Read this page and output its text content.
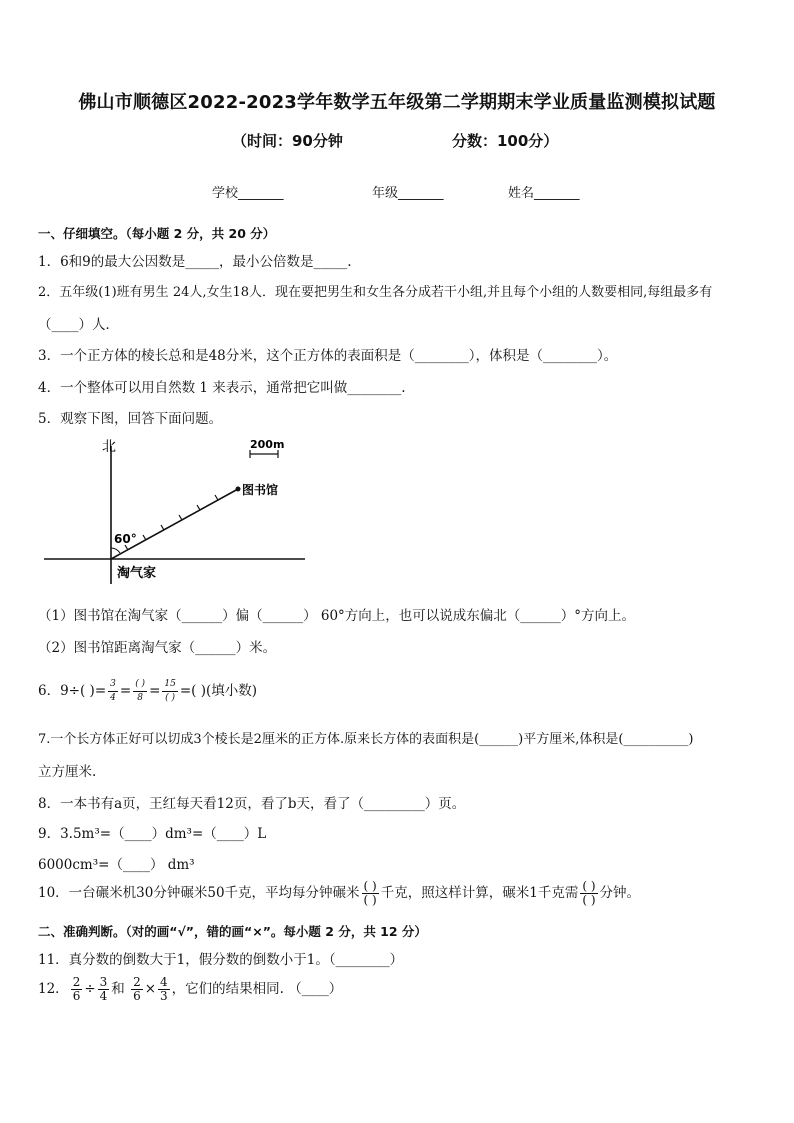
佛山市顺德区2022-2023学年数学五年级第二学期期末学业质量监测模拟试题
（时间：90分钟	分数：100分）
学校_______	年级_______	姓名_______
一、仔细填空。（每小题 2 分，共 20 分）
1．6和9的最大公因数是_____，最小公倍数是_____.
2．五年级(1)班有男生 24人,女生18人．现在要把男生和女生各分成若干小组,并且每个小组的人数要相同,每组最多有
（____）人．
3．一个正方体的棱长总和是48分米，这个正方体的表面积是（________），体积是（________）。
4．一个整体可以用自然数 1 来表示，通常把它叫做________.
5．观察下图，回答下面问题。
北	200m
图书馆
60°
淘气家
（1）图书馆在淘气家（______）偏（______） 60°方向上，也可以说成东偏北（______）°方向上。
（2）图书馆距离淘气家（______）米。
6．9÷( )= $\frac{3}{4} = \frac{( )}{8} = \frac{15}{( )}$ =( )(填小数)
7.一个长方体正好可以切成3个棱长是2厘米的正方体.原来长方体的表面积是(______)平方厘米,体积是(__________)
立方厘米.
8．一本书有a页，王红每天看12页，看了b天，看了（_________）页。
9．3.5m³=（____）dm³=（____）L
6000cm³=（____） dm³
10．一台碾米机30分钟碾米50千克，平均每分钟碾米 $\frac{( )}{( )}$ 千克，照这样计算，碾米1千克需 $\frac{( )}{( )}$ 分钟。
二、准确判断。（对的画“√”，错的画“×”。每小题 2 分，共 12 分）
11．真分数的倒数大于1，假分数的倒数小于1。（________）
12． $\frac{2}{6} \div \frac{3}{4}$ 和 $\frac{2}{6} \times \frac{4}{3}$ ，它们的结果相同. （____）
